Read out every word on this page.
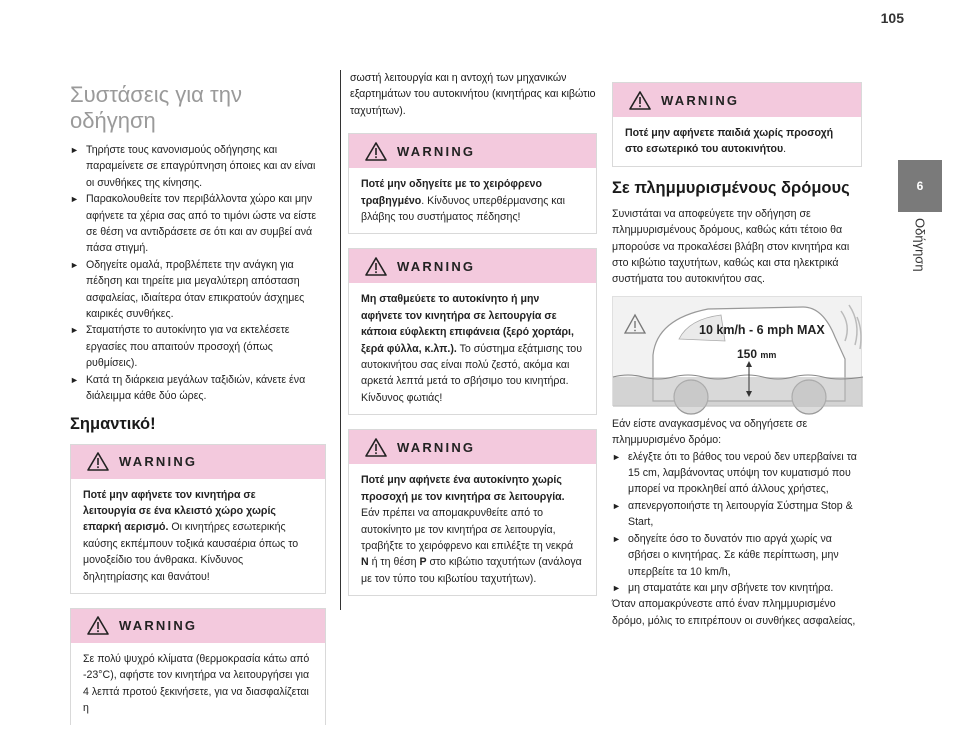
105
6
Οδήγηση
Συστάσεις για την οδήγηση
► Τηρήστε τους κανονισμούς οδήγησης και παραμείνετε σε επαγρύπνηση όποιες και αν είναι οι συνθήκες της κίνησης.
► Παρακολουθείτε τον περιβάλλοντα χώρο και μην αφήνετε τα χέρια σας από το τιμόνι ώστε να είστε σε θέση να αντιδράσετε σε ότι και αν συμβεί ανά πάσα στιγμή.
► Οδηγείτε ομαλά, προβλέπετε την ανάγκη για πέδηση και τηρείτε μια μεγαλύτερη απόσταση ασφαλείας, ιδιαίτερα όταν επικρατούν άσχημες καιρικές συνθήκες.
► Σταματήστε το αυτοκίνητο για να εκτελέσετε εργασίες που απαιτούν προσοχή (όπως ρυθμίσεις).
► Κατά τη διάρκεια μεγάλων ταξιδιών, κάνετε ένα διάλειμμα κάθε δύο ώρες.
Σημαντικό!
WARNING
Ποτέ μην αφήνετε τον κινητήρα σε λειτουργία σε ένα κλειστό χώρο χωρίς επαρκή αερισμό. Οι κινητήρες εσωτερικής καύσης εκπέμπουν τοξικά καυσαέρια όπως το μονοξείδιο του άνθρακα. Κίνδυνος δηλητηρίασης και θανάτου!
WARNING
Σε πολύ ψυχρό κλίματα (θερμοκρασία κάτω από -23°C), αφήστε τον κινητήρα να λειτουργήσει για 4 λεπτά προτού ξεκινήσετε, για να διασφαλίζεται η
σωστή λειτουργία και η αντοχή των μηχανικών εξαρτημάτων του αυτοκινήτου (κινητήρας και κιβώτιο ταχυτήτων).
WARNING
Ποτέ μην οδηγείτε με το χειρόφρενο τραβηγμένο. Κίνδυνος υπερθέρμανσης και βλάβης του συστήματος πέδησης!
WARNING
Μη σταθμεύετε το αυτοκίνητο ή μην αφήνετε τον κινητήρα σε λειτουργία σε κάποια εύφλεκτη επιφάνεια (ξερό χορτάρι, ξερά φύλλα, κ.λπ.). Το σύστημα εξάτμισης του αυτοκινήτου σας είναι πολύ ζεστό, ακόμα και αρκετά λεπτά μετά το σβήσιμο του κινητήρα. Κίνδυνος φωτιάς!
WARNING
Ποτέ μην αφήνετε ένα αυτοκίνητο χωρίς προσοχή με τον κινητήρα σε λειτουργία. Εάν πρέπει να απομακρυνθείτε από το αυτοκίνητο με τον κινητήρα σε λειτουργία, τραβήξτε το χειρόφρενο και επιλέξτε τη νεκρά N ή τη θέση P στο κιβώτιο ταχυτήτων (ανάλογα με τον τύπο του κιβωτίου ταχυτήτων).
WARNING
Ποτέ μην αφήνετε παιδιά χωρίς προσοχή στο εσωτερικό του αυτοκινήτου.
Σε πλημμυρισμένους δρόμους
Συνιστάται να αποφεύγετε την οδήγηση σε πλημμυρισμένους δρόμους, καθώς κάτι τέτοιο θα μπορούσε να προκαλέσει βλάβη στον κινητήρα και στο κιβώτιο ταχυτήτων, καθώς και στα ηλεκτρικά συστήματα του αυτοκινήτου σας.
10 km/h - 6 mph MAX
150 mm
Εάν είστε αναγκασμένος να οδηγήσετε σε πλημμυρισμένο δρόμο:
► ελέγξτε ότι το βάθος του νερού δεν υπερβαίνει τα 15 cm, λαμβάνοντας υπόψη τον κυματισμό που μπορεί να προκληθεί από άλλους χρήστες,
► απενεργοποιήστε τη λειτουργία Σύστημα Stop & Start,
► οδηγείτε όσο το δυνατόν πιο αργά χωρίς να σβήσει ο κινητήρας. Σε κάθε περίπτωση, μην υπερβείτε τα 10 km/h,
► μη σταματάτε και μην σβήνετε τον κινητήρα.
Όταν απομακρύνεστε από έναν πλημμυρισμένο δρόμο, μόλις το επιτρέπουν οι συνθήκες ασφαλείας,
